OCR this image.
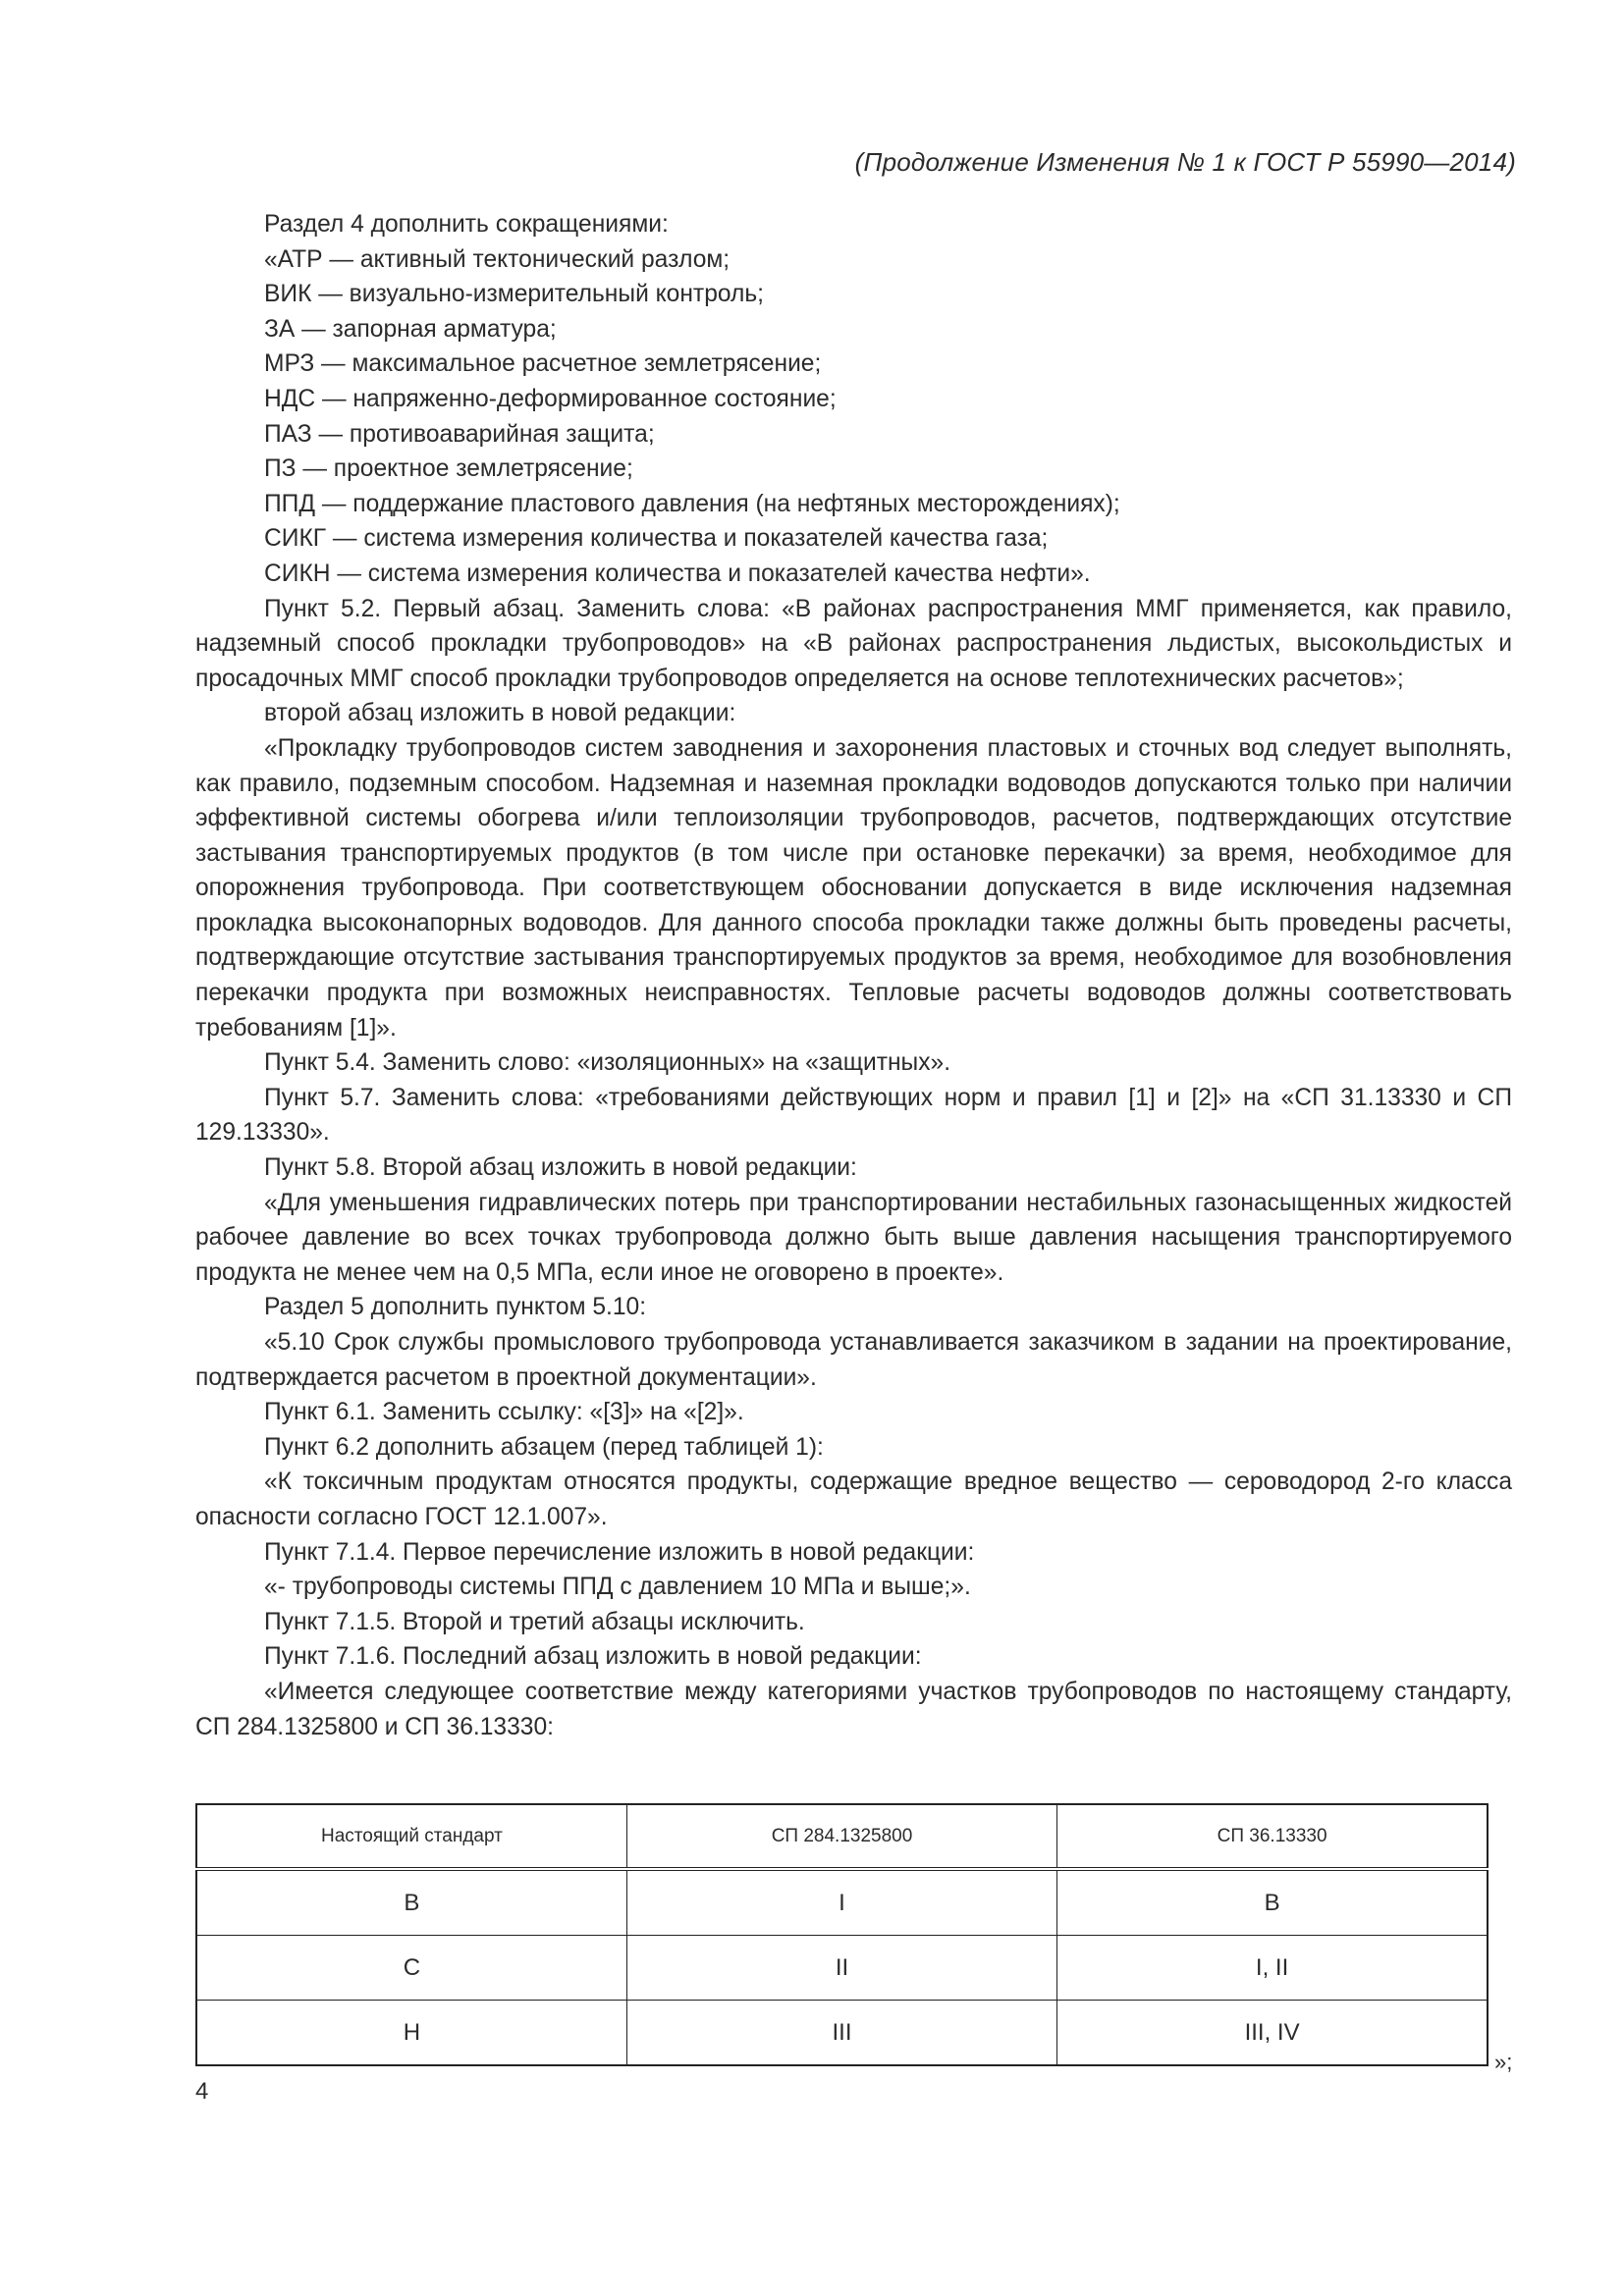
(Продолжение Изменения № 1 к ГОСТ Р 55990—2014)

Раздел 4 дополнить сокращениями:

«АТР — активный тектонический разлом;

ВИК — визуально-измерительный контроль;

ЗА — запорная арматура;

МРЗ — максимальное расчетное землетрясение;

НДС — напряженно-деформированное состояние;

ПАЗ — противоаварийная защита;

ПЗ — проектное землетрясение;

ППД — поддержание пластового давления (на нефтяных месторождениях);

СИКГ — система измерения количества и показателей качества газа;

СИКН — система измерения количества и показателей качества нефти».

Пункт 5.2. Первый абзац. Заменить слова: «В районах распространения ММГ применяется, как правило, надземный способ прокладки трубопроводов» на «В районах распространения льдистых, высокольдистых и просадочных ММГ способ прокладки трубопроводов определяется на основе теплотехнических расчетов»;

второй абзац изложить в новой редакции:

«Прокладку трубопроводов систем заводнения и захоронения пластовых и сточных вод следует выполнять, как правило, подземным способом. Надземная и наземная прокладки водоводов допускаются только при наличии эффективной системы обогрева и/или теплоизоляции трубопроводов, расчетов, подтверждающих отсутствие застывания транспортируемых продуктов (в том числе при остановке перекачки) за время, необходимое для опорожнения трубопровода. При соответствующем обосновании допускается в виде исключения надземная прокладка высоконапорных водоводов. Для данного способа прокладки также должны быть проведены расчеты, подтверждающие отсутствие застывания транспортируемых продуктов за время, необходимое для возобновления перекачки продукта при возможных неисправностях. Тепловые расчеты водоводов должны соответствовать требованиям [1]».

Пункт 5.4. Заменить слово: «изоляционных» на «защитных».

Пункт 5.7. Заменить слова: «требованиями действующих норм и правил [1] и [2]» на «СП 31.13330 и СП 129.13330».

Пункт 5.8. Второй абзац изложить в новой редакции:

«Для уменьшения гидравлических потерь при транспортировании нестабильных газонасыщенных жидкостей рабочее давление во всех точках трубопровода должно быть выше давления насыщения транспортируемого продукта не менее чем на 0,5 МПа, если иное не оговорено в проекте».

Раздел 5 дополнить пунктом 5.10:

«5.10 Срок службы промыслового трубопровода устанавливается заказчиком в задании на проектирование, подтверждается расчетом в проектной документации».

Пункт 6.1. Заменить ссылку: «[3]» на «[2]».

Пункт 6.2 дополнить абзацем (перед таблицей 1):

«К токсичным продуктам относятся продукты, содержащие вредное вещество — сероводород 2-го класса опасности согласно ГОСТ 12.1.007».

Пункт 7.1.4. Первое перечисление изложить в новой редакции:

«- трубопроводы системы ППД с давлением 10 МПа и выше;».

Пункт 7.1.5. Второй и третий абзацы исключить.

Пункт 7.1.6. Последний абзац изложить в новой редакции:

«Имеется следующее соответствие между категориями участков трубопроводов по настоящему стандарту, СП 284.1325800 и СП 36.13330:

Настоящий стандарт	СП 284.1325800	СП 36.13330
В	I	В
С	II	I, II
Н	III	III, IV
»;
4
